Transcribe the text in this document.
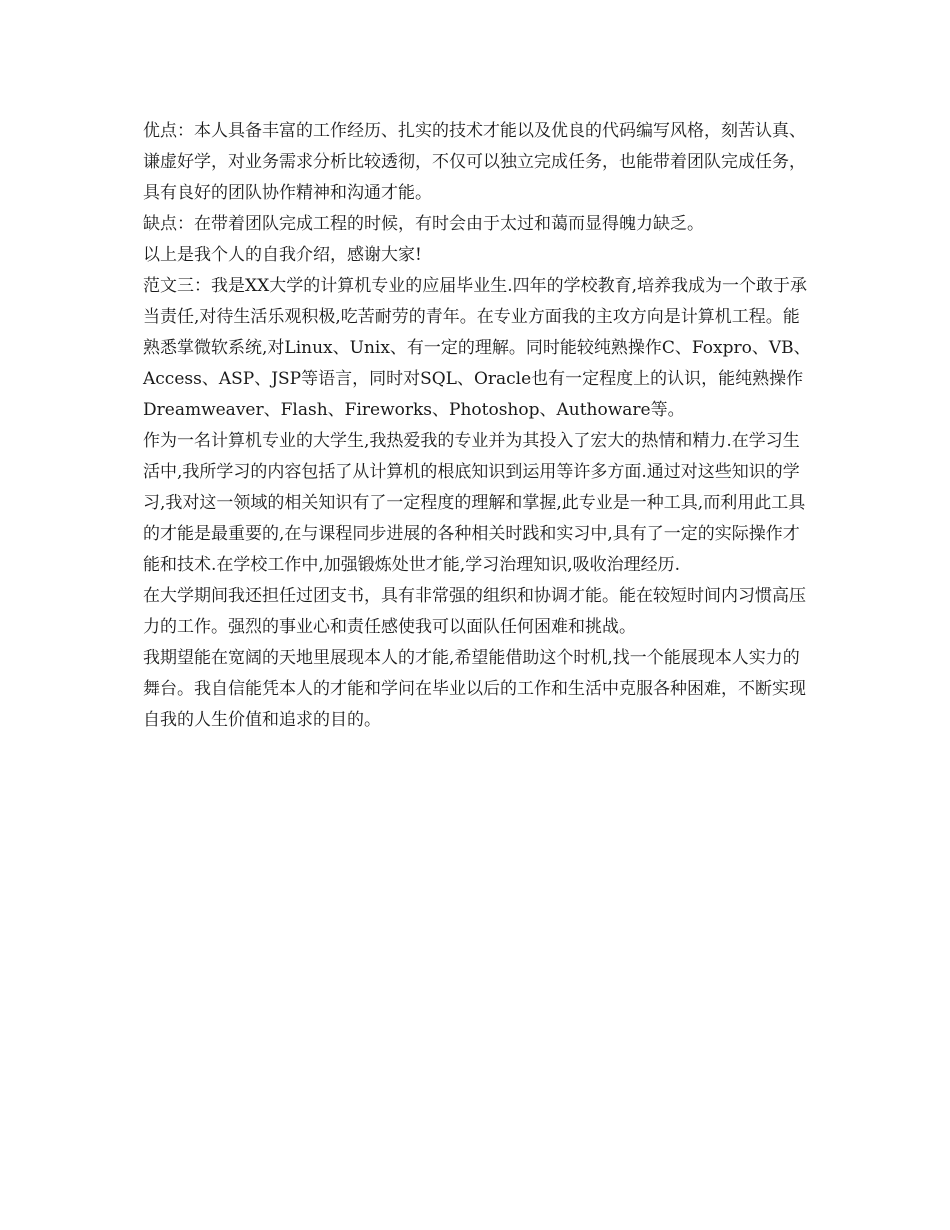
优点：本人具备丰富的工作经历、扎实的技术才能以及优良的代码编写风格，刻苦认真、谦虚好学，对业务需求分析比较透彻，不仅可以独立完成任务，也能带着团队完成任务，具有良好的团队协作精神和沟通才能。

缺点：在带着团队完成工程的时候，有时会由于太过和蔼而显得魄力缺乏。

以上是我个人的自我介绍，感谢大家!

范文三：我是XX大学的计算机专业的应届毕业生.四年的学校教育,培养我成为一个敢于承当责任,对待生活乐观积极,吃苦耐劳的青年。在专业方面我的主攻方向是计算机工程。能熟悉掌微软系统,对Linux、Unix、有一定的理解。同时能较纯熟操作C、Foxpro、VB、Access、ASP、JSP等语言，同时对SQL、Oracle也有一定程度上的认识，能纯熟操作Dreamweaver、Flash、Fireworks、Photoshop、Authoware等。

作为一名计算机专业的大学生,我热爱我的专业并为其投入了宏大的热情和精力.在学习生活中,我所学习的内容包括了从计算机的根底知识到运用等许多方面.通过对这些知识的学习,我对这一领域的相关知识有了一定程度的理解和掌握,此专业是一种工具,而利用此工具的才能是最重要的,在与课程同步进展的各种相关时践和实习中,具有了一定的实际操作才能和技术.在学校工作中,加强锻炼处世才能,学习治理知识,吸收治理经历.

在大学期间我还担任过团支书，具有非常强的组织和协调才能。能在较短时间内习惯高压力的工作。强烈的事业心和责任感使我可以面队任何困难和挑战。

我期望能在宽阔的天地里展现本人的才能,希望能借助这个时机,找一个能展现本人实力的舞台。我自信能凭本人的才能和学问在毕业以后的工作和生活中克服各种困难，不断实现自我的人生价值和追求的目的。
